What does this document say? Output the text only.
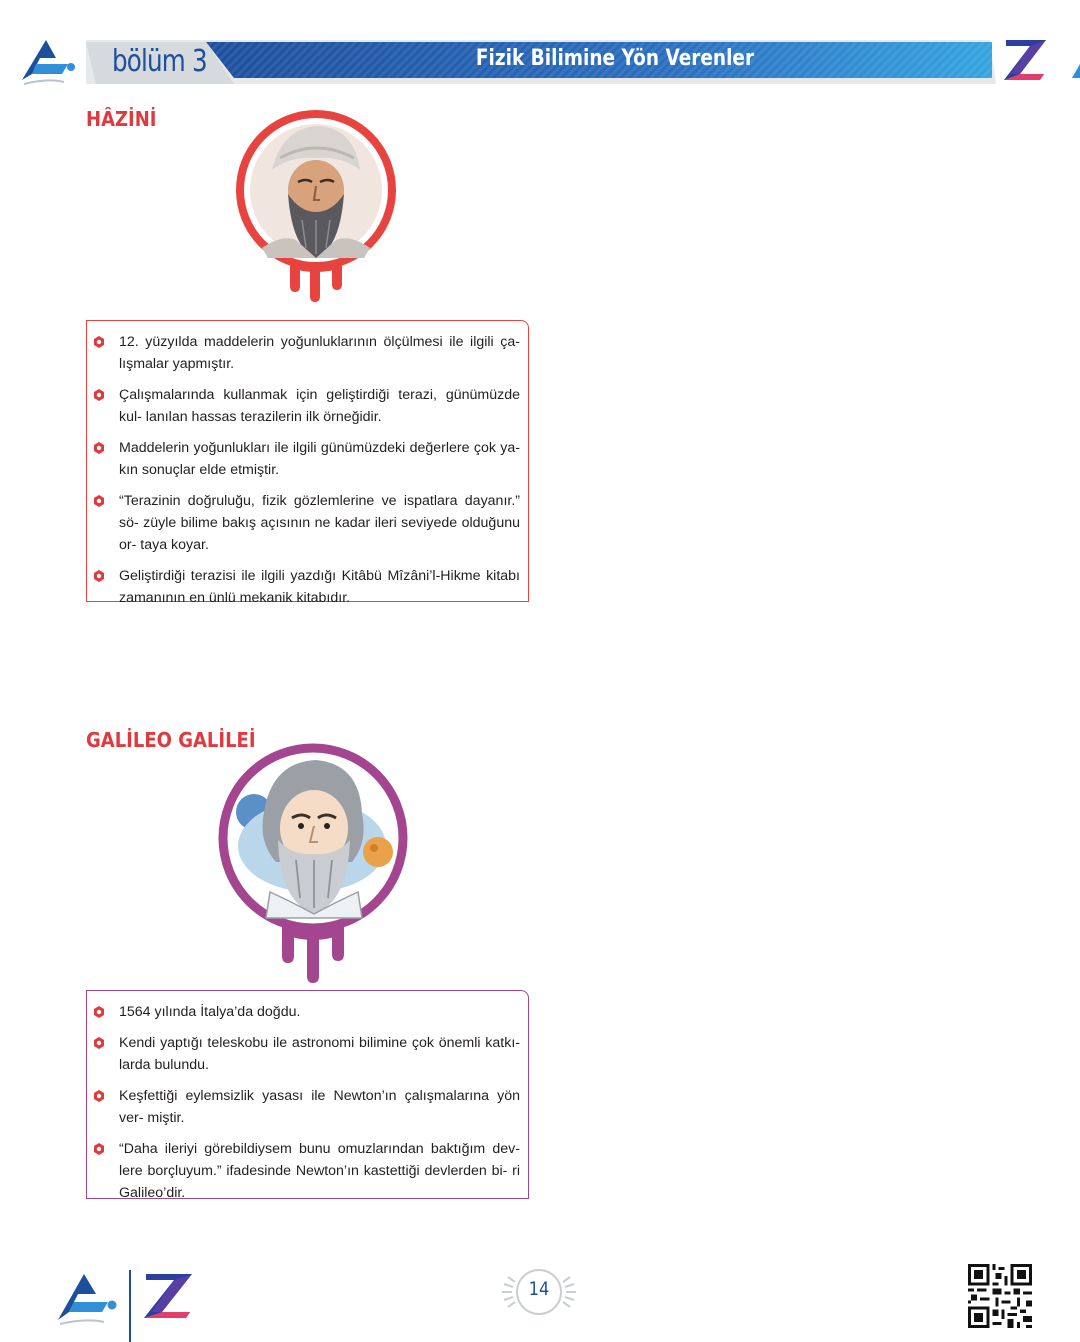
bölüm 3	Fizik Bilimine Yön Verenler
HÂZİNİ
12. yüzyılda maddelerin yoğunluklarının ölçülmesi ile ilgili ça- lışmalar yapmıştır.
Çalışmalarında kullanmak için geliştirdiği terazi, günümüzde kul- lanılan hassas terazilerin ilk örneğidir.
Maddelerin yoğunlukları ile ilgili günümüzdeki değerlere çok ya- kın sonuçlar elde etmiştir.
“Terazinin doğruluğu, fizik gözlemlerine ve ispatlara dayanır.” sö- züyle bilime bakış açısının ne kadar ileri seviyede olduğunu or- taya koyar.
Geliştirdiği terazisi ile ilgili yazdığı Kitâbü Mîzâni’l-Hikme kitabı zamanının en ünlü mekanik kitabıdır.
GALİLEO GALİLEİ
1564 yılında İtalya’da doğdu.
Kendi yaptığı teleskobu ile astronomi bilimine çok önemli katkı- larda bulundu.
Keşfettiği eylemsizlik yasası ile Newton’ın çalışmalarına yön ver- miştir.
“Daha ileriyi görebildiysem bunu omuzlarından baktığım dev- lere borçluyum.” ifadesinde Newton’ın kastettiği devlerden bi- ri Galileo’dir.
14
